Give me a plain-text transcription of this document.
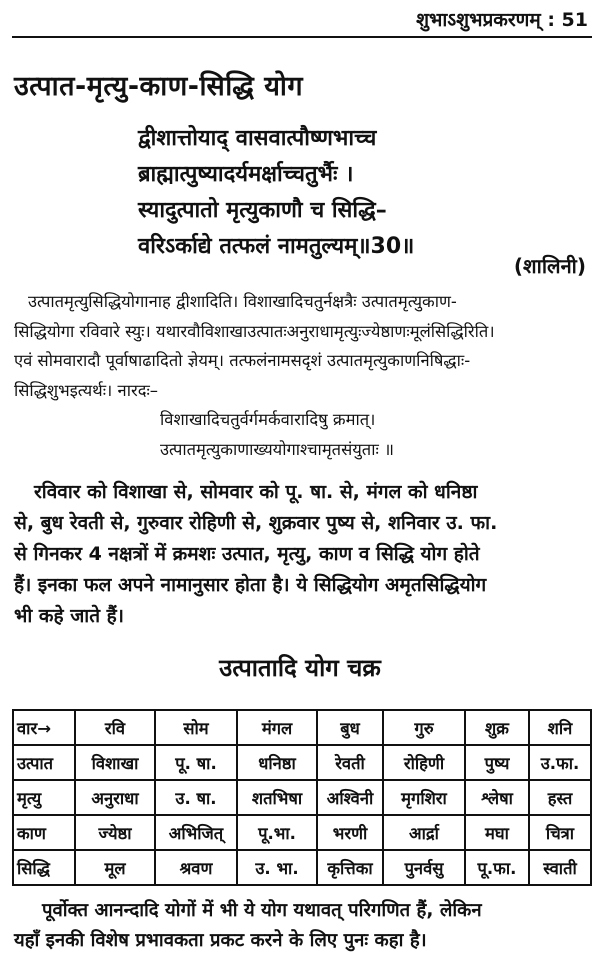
शुभाऽशुभप्रकरणम् : 51
उत्पात-मृत्यु-काण-सिद्धि योग
द्वीशात्तोयाद् वासवात्पौष्णभाच्च
ब्राह्मात्पुष्यादर्यमर्क्षाच्चतुर्भैः ।
स्यादुत्पातो मृत्युकाणौ च सिद्धि–
वरिऽर्काद्ये तत्फलं नामतुल्यम्॥30॥
(शालिनी)
उत्पातमृत्युसिद्धियोगानाह द्वीशादिति। विशाखादिचतुर्नक्षत्रैः उत्पातमृत्युकाण-
सिद्धियोगा रविवारे स्युः। यथारवौविशाखाउत्पातःअनुराधामृत्युःज्येष्ठाणःमूलंसिद्धिरिति।
एवं सोमवारादौ पूर्वाषाढादितो ज्ञेयम्। तत्फलंनामसदृशं उत्पातमृत्युकाणनिषिद्धाः-
सिद्धिशुभइत्यर्थः। नारदः–
विशाखादिचतुर्वर्गमर्कवारादिषु क्रमात्।
उत्पातमृत्युकाणाख्ययोगाश्चामृतसंयुताः ॥
रविवार को विशाखा से, सोमवार को पू. षा. से, मंगल को धनिष्ठा
से, बुध रेवती से, गुरुवार रोहिणी से, शुक्रवार पुष्य से, शनिवार उ. फा.
से गिनकर 4 नक्षत्रों में क्रमशः उत्पात, मृत्यु, काण व सिद्धि योग होते
हैं। इनका फल अपने नामानुसार होता है। ये सिद्धियोग अमृतसिद्धियोग
भी कहे जाते हैं।
उत्पातादि योग चक्र
वार→	रवि	सोम	मंगल	बुध	गुरु	शुक्र	शनि
उत्पात	विशाखा	पू. षा.	धनिष्ठा	रेवती	रोहिणी	पुष्य	उ.फा.
मृत्यु	अनुराधा	उ. षा.	शतभिषा	अश्विनी	मृगशिरा	श्लेषा	हस्त
काण	ज्येष्ठा	अभिजित्	पू.भा.	भरणी	आर्द्रा	मघा	चित्रा
सिद्धि	मूल	श्रवण	उ. भा.	कृत्तिका	पुनर्वसु	पू.फा.	स्वाती
पूर्वोक्त आनन्दादि योगों में भी ये योग यथावत् परिगणित हैं, लेकिन
यहाँ इनकी विशेष प्रभावकता प्रकट करने के लिए पुनः कहा है।
